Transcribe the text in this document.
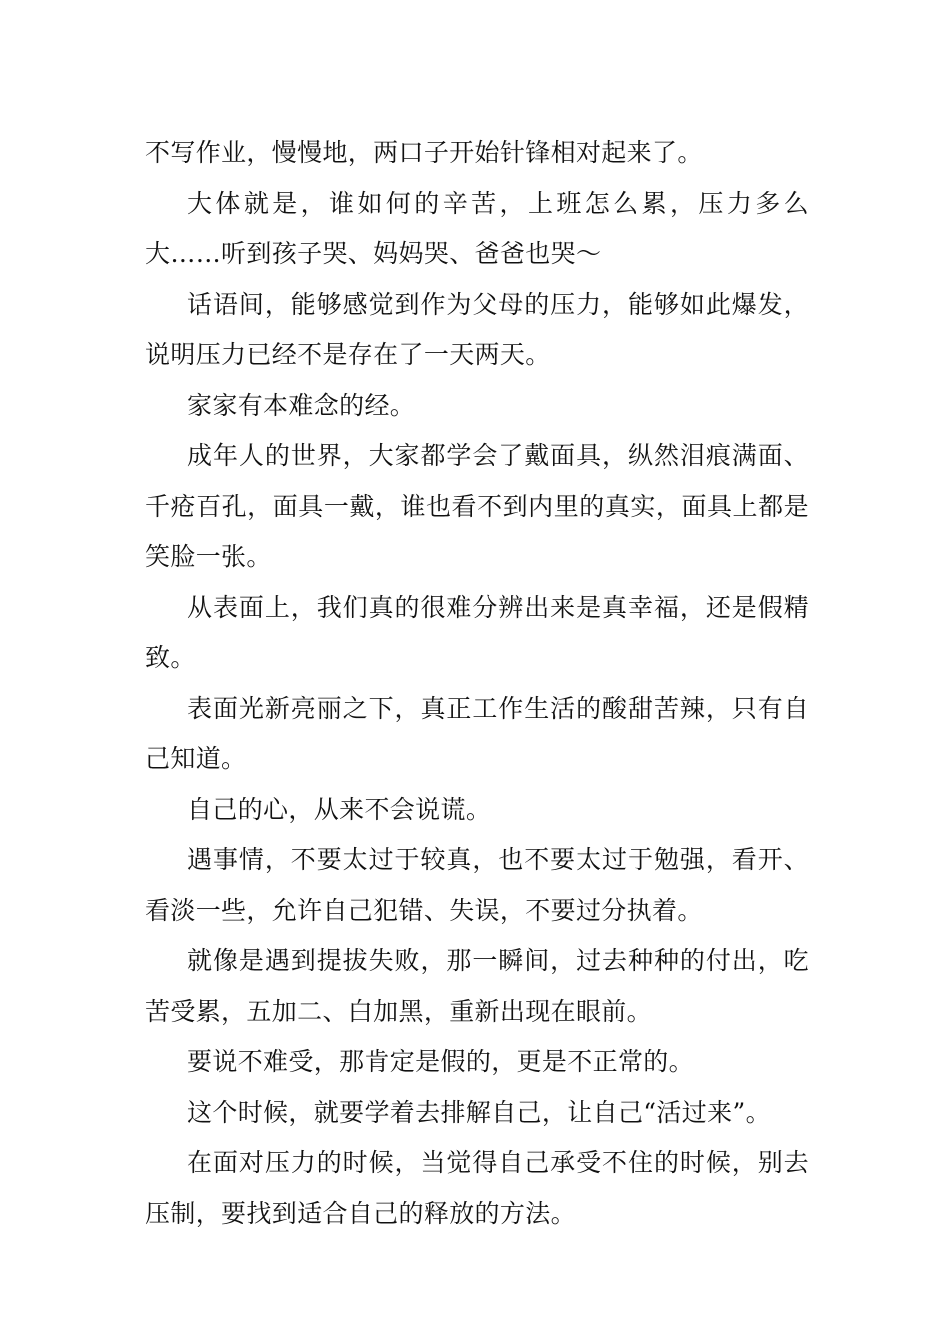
不写作业，慢慢地，两口子开始针锋相对起来了。

大体就是，谁如何的辛苦，上班怎么累，压力多么大……听到孩子哭、妈妈哭、爸爸也哭～

话语间，能够感觉到作为父母的压力，能够如此爆发，说明压力已经不是存在了一天两天。

家家有本难念的经。

成年人的世界，大家都学会了戴面具，纵然泪痕满面、千疮百孔，面具一戴，谁也看不到内里的真实，面具上都是笑脸一张。

从表面上，我们真的很难分辨出来是真幸福，还是假精致。

表面光新亮丽之下，真正工作生活的酸甜苦辣，只有自己知道。

自己的心，从来不会说谎。

遇事情，不要太过于较真，也不要太过于勉强，看开、看淡一些，允许自己犯错、失误，不要过分执着。

就像是遇到提拔失败，那一瞬间，过去种种的付出，吃苦受累，五加二、白加黑，重新出现在眼前。

要说不难受，那肯定是假的，更是不正常的。

这个时候，就要学着去排解自己，让自己“活过来”。

在面对压力的时候，当觉得自己承受不住的时候，别去压制，要找到适合自己的释放的方法。
